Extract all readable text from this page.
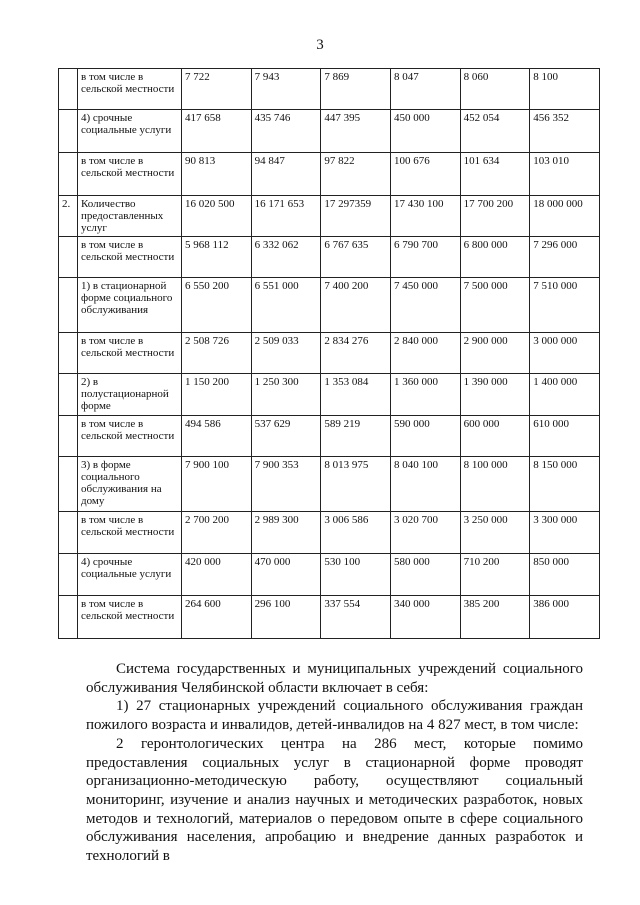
3
	в том числе в сельской местности	7 722	7 943	7 869	8 047	8 060	8 100
	4) срочные социальные услуги	417 658	435 746	447 395	450 000	452 054	456 352
	в том числе в сельской местности	90 813	94 847	97 822	100 676	101 634	103 010
2.	Количество предоставленных услуг	16 020 500	16 171 653	17 297359	17 430 100	17 700 200	18 000 000
	в том числе в сельской местности	5 968 112	6 332 062	6 767 635	6 790 700	6 800 000	7 296 000
	1) в стационарной форме социального обслуживания	6 550 200	6 551 000	7 400 200	7 450 000	7 500 000	7 510 000
	в том числе в сельской местности	2 508 726	2 509 033	2 834 276	2 840 000	2 900 000	3 000 000
	2) в полустационарной форме	1 150 200	1 250 300	1 353 084	1 360 000	1 390 000	1 400 000
	в том числе в сельской местности	494 586	537 629	589 219	590 000	600 000	610 000
	3) в форме социального обслуживания на дому	7 900 100	7 900 353	8 013 975	8 040 100	8 100 000	8 150 000
	в том числе в сельской местности	2 700 200	2 989 300	3 006 586	3 020 700	3 250 000	3 300 000
	4) срочные социальные услуги	420 000	470 000	530 100	580 000	710 200	850 000
	в том числе в сельской местности	264 600	296 100	337 554	340 000	385 200	386 000

Система государственных и муниципальных учреждений социального обслуживания Челябинской области включает в себя:

1) 27 стационарных учреждений социального обслуживания граждан пожилого возраста и инвалидов, детей-инвалидов на 4 827 мест, в том числе:

2 геронтологических центра на 286 мест, которые помимо предоставления социальных услуг в стационарной форме проводят организационно-методическую работу, осуществляют социальный мониторинг, изучение и анализ научных и методических разработок, новых методов и технологий, материалов о передовом опыте в сфере социального обслуживания населения, апробацию и внедрение данных разработок и технологий в
